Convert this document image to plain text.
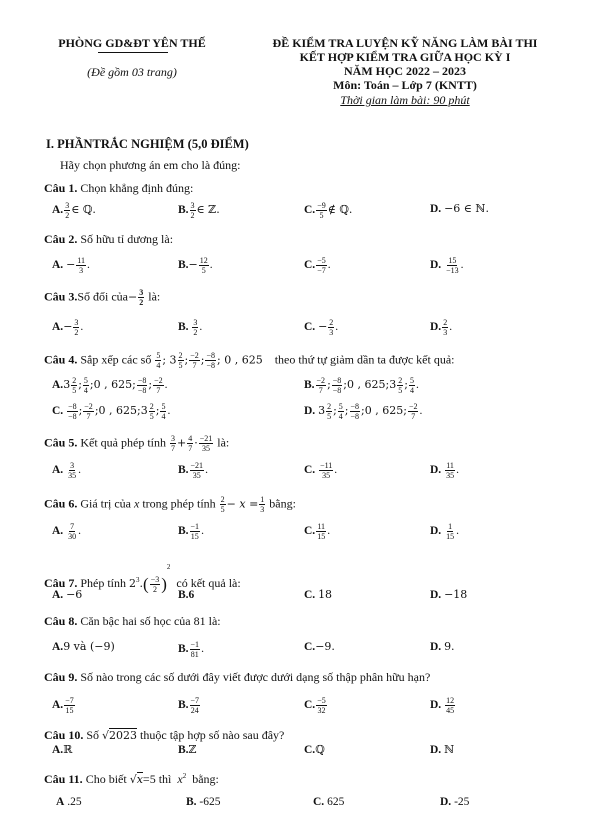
PHÒNG GD&ĐT YÊN THẾ
(Đề gồm 03 trang)
ĐỀ KIỂM TRA LUYỆN KỸ NĂNG LÀM BÀI THI
KẾT HỢP KIỂM TRA GIỮA HỌC KỲ I
NĂM HỌC 2022 – 2023
Môn: Toán – Lớp 7 (KNTT)
Thời gian làm bài: 90 phút
I. PHẦNTRẮC NGHIỆM (5,0 ĐIỂM)
Hãy chọn phương án em cho là đúng:
Câu 1. Chọn khẳng định đúng:
A. $\frac{3}{2}$ ∈ ℚ.	B. $\frac{3}{2}$ ∈ ℤ.	C. $\frac{-9}{5}$ ∉ ℚ.	D. −6 ∈ ℕ.
Câu 2. Số hữu tỉ dương là:
A. − $\frac{11}{3}$ .	$B.- \frac{12}{5}$ .	C. $\frac{-5}{-7}$ .	D. $\frac{15}{-13}$ .
Câu 3.Số đối của− $\frac{3}{2}$ là:
$A.- \frac{3}{2}$ .	B. $\frac{3}{2}$ .	C. − $\frac{2}{3}$ .	D. $\frac{2}{3}$ .
Câu 4. Sắp xếp các số $\frac{5}{4}$ ; $3 \frac{2}{5}$ ; $\frac{-2}{7}$ ; $\frac{-8}{-8}$ ; 0 , 625 theo thứ tự giảm dần ta được kết quả:
$A.3 \frac{2}{5}$ ; $\frac{5}{4}$ ;0 , 625; $\frac{-8}{-8}$ ; $\frac{-2}{7}$ .	B. $\frac{-2}{7}$ ; $\frac{-8}{-8}$ ;0 , 625;3 $\frac{2}{5}$ ; $\frac{5}{4}$ .
C. $\frac{-8}{-8}$ ; $\frac{-2}{7}$ ;0 , 625;3 $\frac{2}{5}$ ; $\frac{5}{4}$ .	D. $3 \frac{2}{5}$ ; $\frac{5}{4}$ ; $\frac{-8}{-8}$ ;0 , 625; $\frac{-2}{7}$ .
Câu 5. Kết quả phép tính $\frac{3}{7} + \frac{4}{7} \cdot \frac{-21}{35}$ là:
A. $\frac{3}{35}$ .	B. $\frac{-21}{35}$ .	C. $\frac{-11}{35}$ .	D. $\frac{11}{35}$ .
Câu 6. Giá trị của x trong phép tính $\frac{2}{5} - x = \frac{1}{3}$ bằng:
A. $\frac{7}{30}$ .	B. $\frac{-1}{15}$ .	C. $\frac{11}{15}$ .	D. $\frac{1}{15}$ .
Câu 7. Phép tính $2^3.( \frac{-3}{2} )^2$  có kết quả là:
A. −6	B.6	C. 18	D. −18
Câu 8. Căn bậc hai số học của 81 là:
A.9 và (−9)	B. $\frac{-1}{81}$ .	C.−9.	D. 9.
Câu 9. Số nào trong các số dưới đây viết được dưới dạng số thập phân hữu hạn?
A. $\frac{-7}{15}$	B. $\frac{-7}{24}$	C. $\frac{-5}{32}$	D. $\frac{12}{45}$
Câu 10. Số √2023 thuộc tập hợp số nào sau đây?
A.ℝ	B.ℤ	C.ℚ	D. ℕ
Câu 11. Cho biết √x=5 thì $x^2$ bằng:
A .25	B. -625	C. 625	D. -25
